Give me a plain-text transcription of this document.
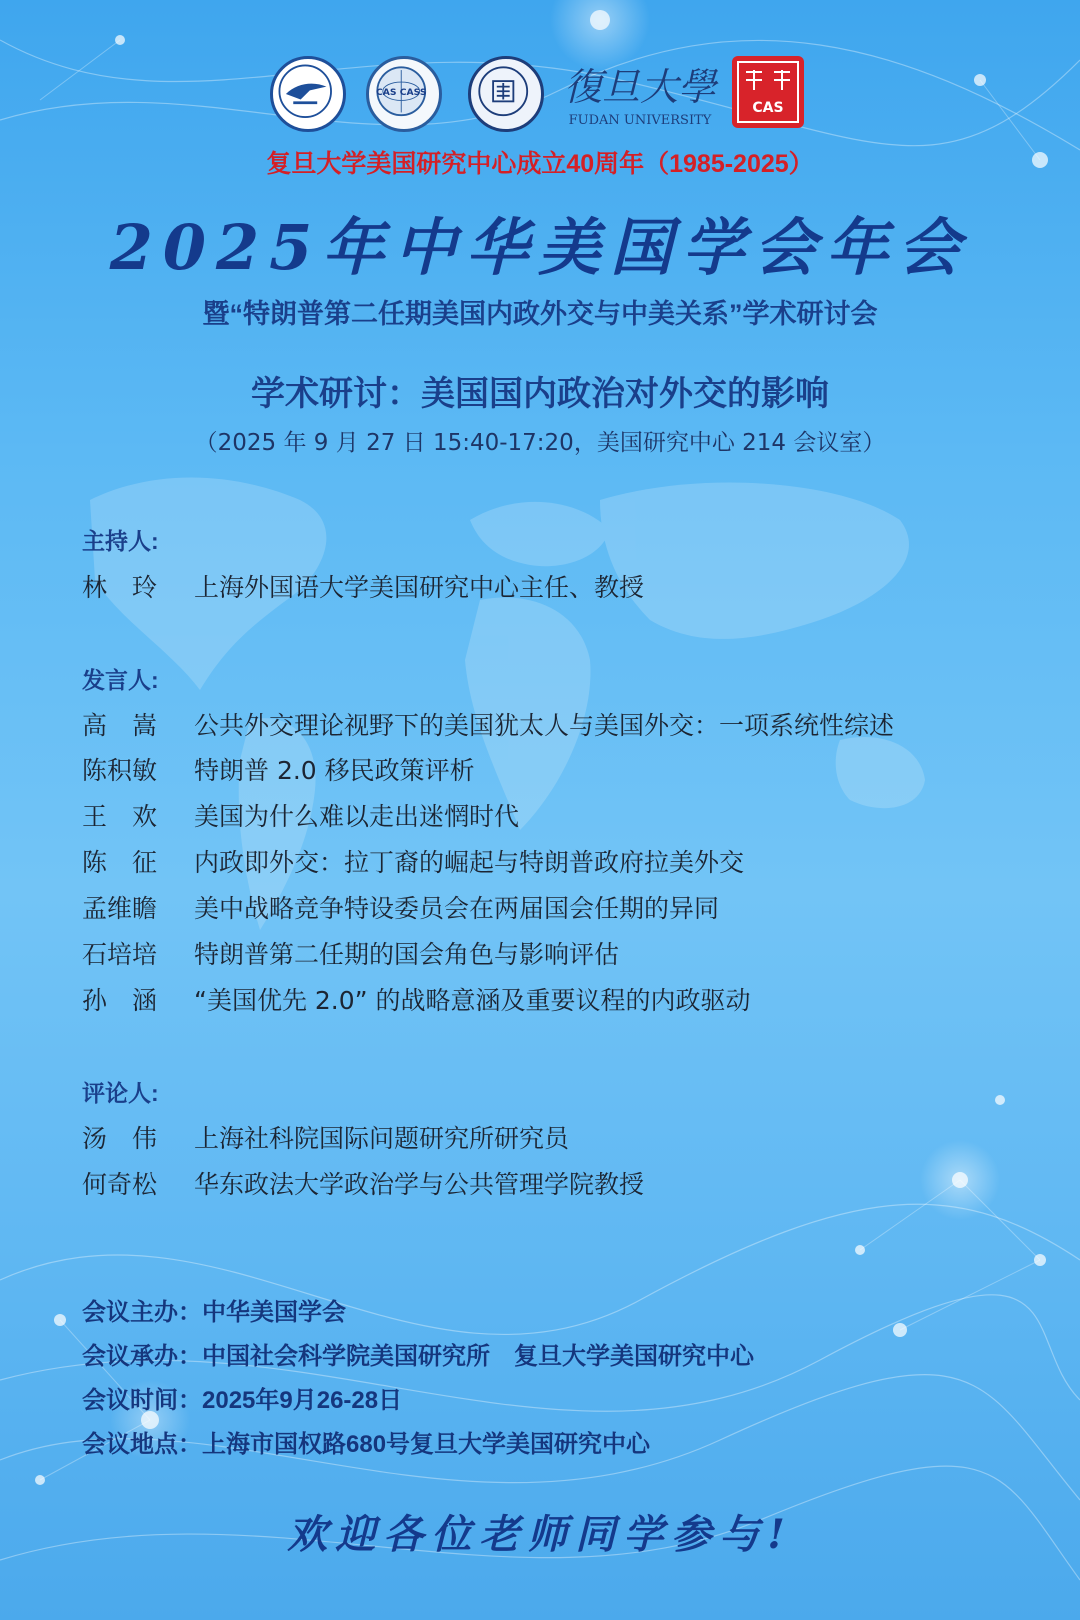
CAS CASS	復旦大學
FUDAN UNIVERSITY
CAS
复旦大学美国研究中心成立40周年（1985-2025）
2025年中华美国学会年会
暨“特朗普第二任期美国内政外交与中美关系”学术研讨会
学术研讨：美国国内政治对外交的影响
（2025 年 9 月 27 日 15:40-17:20，美国研究中心 214 会议室）
主持人:
林　玲	上海外国语大学美国研究中心主任、教授
发言人:
高　嵩	公共外交理论视野下的美国犹太人与美国外交：一项系统性综述
陈积敏	特朗普 2.0 移民政策评析
王　欢	美国为什么难以走出迷惘时代
陈　征	内政即外交：拉丁裔的崛起与特朗普政府拉美外交
孟维瞻	美中战略竞争特设委员会在两届国会任期的异同
石培培	特朗普第二任期的国会角色与影响评估
孙　涵	“美国优先 2.0” 的战略意涵及重要议程的内政驱动
评论人:
汤　伟	上海社科院国际问题研究所研究员
何奇松	华东政法大学政治学与公共管理学院教授
会议主办：中华美国学会
会议承办：中国社会科学院美国研究所　复旦大学美国研究中心
会议时间：2025年9月26-28日
会议地点：上海市国权路680号复旦大学美国研究中心
欢迎各位老师同学参与!
